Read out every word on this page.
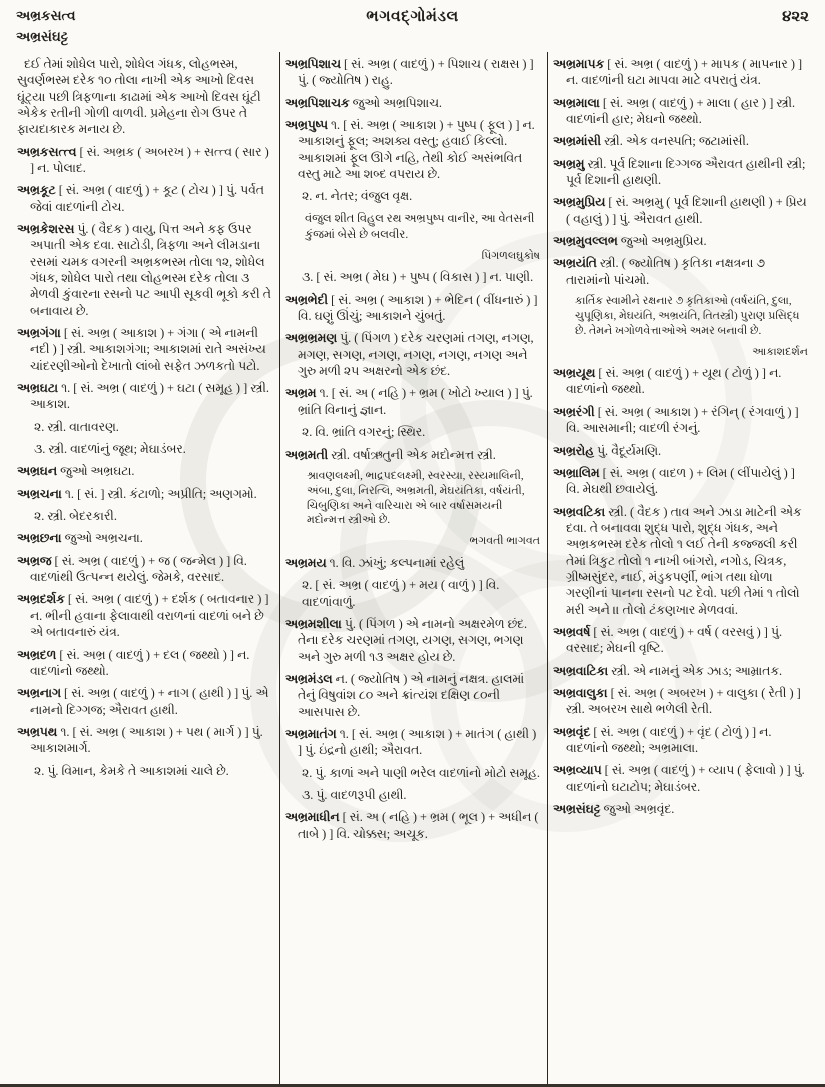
અભ્રકસત્વ
અભ્રસંઘટ્ટ
ભગવદ્ગોમંડલ	૪૨૨

દઈ તેમાં શોધેલ પારો, શોધેલ ગંધક, લોહભસ્મ, સુવર્ણભસ્મ દરેક ૧૦ તોલા નાખી એક આખો દિવસ ઘૂંટ્યા પછી ત્રિફળાના કાઢામાં એક આખો દિવસ ઘૂંટી એકેક રતીની ગોળી વાળવી. પ્રમેહના રોગ ઉપર તે ફાયદાકારક મનાય છે.

અભ્રકસત્ત્વ [ સં. અભ્રક ( અબરખ ) + સત્ત્વ ( સાર ) ] ન. પોલાદ.

અભ્રકૂટ [ સં. અભ્ર ( વાદળું ) + કૂટ ( ટોચ ) ] પું. પર્વત જેવાં વાદળાંની ટોચ.

અભ્રકેશરસ પું. ( વૈદક ) વાયુ, પિત્ત અને કફ ઉપર અપાતી એક દવા. સાટોડી, ત્રિફળા અને લીમડાના રસમાં ચમક વગરની અભ્રકભસ્મ તોલા ૧૨, શોધેલ ગંધક, શોધેલ પારો તથા લોહભસ્મ દરેક તોલા ૩ મેળવી કુંવારના રસનો પટ આપી સૂકવી ભૂકો કરી તે બનાવાય છે.

અભ્રગંગા [ સં. અભ્ર ( આકાશ ) + ગંગા ( એ નામની નદી ) ] સ્ત્રી. આકાશગંગા; આકાશમાં રાતે અસંખ્ય ચાંદરણીઓનો દેખાતો લાંબો સફેત ઝળકતો પટો.

અભ્રઘટા ૧. [ સં. અભ્ર ( વાદળું ) + ઘટા ( સમૂહ ) ] સ્ત્રી. આકાશ.

૨. સ્ત્રી. વાતાવરણ.

૩. સ્ત્રી. વાદળાંનું જૂથ; મેઘાડંબર.

અભ્રઘન જુઓ અભ્રઘટા.

અભ્રચના ૧. [ સં. ] સ્ત્રી. કંટાળો; અપ્રીતિ; અણગમો.

૨. સ્ત્રી. બેદરકારી.

અભ્રછના જુઓ અભ્રચના.

અભ્રજ [ સં. અભ્ર ( વાદળું ) + જ ( જન્મેલ ) ] વિ. વાદળાંથી ઉત્પન્ન થયેલું. જેમકે, વરસાદ.

અભ્રદર્શક [ સં. અભ્ર ( વાદળું ) + દર્શક ( બતાવનાર ) ] ન. ભીની હવાના ફેલાવાથી વરાળનાં વાદળાં બને છે એ બતાવનારું યંત્ર.

અભ્રદળ [ સં. અભ્ર ( વાદળું ) + દલ ( જથ્થો ) ] ન. વાદળાંનો જથ્થો.

અભ્રનાગ [ સં. અભ્ર ( વાદળું ) + નાગ ( હાથી ) ] પું. એ નામનો દિગ્ગજ; ઐરાવત હાથી.

અભ્રપથ ૧. [ સં. અભ્ર ( આકાશ ) + પથ ( માર્ગ ) ] પું. આકાશમાર્ગ.

૨. પું. વિમાન, કેમકે તે આકાશમાં ચાલે છે.

અભ્રપિશાચ [ સં. અભ્ર ( વાદળું ) + પિશાચ ( રાક્ષસ ) ] પું. ( જ્યોતિષ ) રાહુ.

અભ્રપિશાચક જુઓ અભ્રપિશાચ.

અભ્રપુષ્પ ૧. [ સં. અભ્ર ( આકાશ ) + પુષ્પ ( ફૂલ ) ] ન. આકાશનું ફૂલ; અશક્ય વસ્તુ; હવાઈ કિલ્લો. આકાશમાં ફૂલ ઊગે નહિ, તેથી કોઈ અસંભવિત વસ્તુ માટે આ શબ્દ વપરાય છે.

૨. ન. નેતર; વંજુલ વૃક્ષ.

વંજુલ શીત વિહુલ રથ અભ્રપુષ્પ વાનીર, આ વેતસની કુંજમાં બેસે છે બલવીર.

પિંગળલઘુકોષ

૩. [ સં. અભ્ર ( મેઘ ) + પુષ્પ ( વિકાસ ) ] ન. પાણી.

અભ્રભેદી [ સં. અભ્ર ( આકાશ ) + ભેદિન ( વીંધનારું ) ] વિ. ઘણું ઊંચું; આકાશને ચુંબતું.

અભ્રભ્રમણ પું. ( પિંગળ ) દરેક ચરણમાં તગણ, નગણ, મગણ, સગણ, નગણ, નગણ, નગણ, નગણ અને ગુરુ મળી ૨૫ અક્ષરનો એક છંદ.

અભ્રમ ૧. [ સં. અ ( નહિ ) + ભ્રમ ( ખોટો ખ્યાલ ) ] પું. ભ્રાંતિ વિનાનું જ્ઞાન.

૨. વિ. ભ્રાંતિ વગરનું; સ્થિર.

અભ્રમતી સ્ત્રી. વર્ષાઋતુની એક મદોન્મત્ત સ્ત્રી.

શ્રાવણલક્ષ્મી, ભાદ્રપદલક્ષ્મી, સ્વરસ્યા, રસ્યમાલિની, અંબા, દુલા, નિરત્લિ, અભ્રમતી, મેઘયંતિકા, વર્ષયંતી, ચિબુણિકા અને વારિચારા એ બાર વર્ષાસમયની મદોન્મત્ત સ્ત્રીઓ છે.

ભગવતી ભાગવત

અભ્રમય ૧. વિ. ઝાંખું; કલ્પનામાં રહેલું

૨. [ સં. અભ્ર ( વાદળું ) + મય ( વાળું ) ] વિ. વાદળાંવાળું.

અભ્રમશીલા પું. ( પિંગળ ) એ નામનો અક્ષરમેળ છંદ. તેના દરેક ચરણમાં તગણ, યગણ, સગણ, ભગણ અને ગુરુ મળી ૧૩ અક્ષર હોય છે.

અભ્રમંડલ ન. ( જ્યોતિષ ) એ નામનું નક્ષત્ર. હાલમાં તેનું વિષુવાંશ ૮૦ અને ક્રાંત્યંશ દક્ષિણ ૮૦ની આસપાસ છે.

અભ્રમાતંગ ૧. [ સં. અભ્ર ( આકાશ ) + માતંગ ( હાથી ) ] પું. ઇંદ્રનો હાથી; ઐરાવત.

૨. પું. કાળાં અને પાણી ભરેલ વાદળાંનો મોટો સમૂહ.

૩. પું. વાદળરૂપી હાથી.

અભ્રમાધીન [ સં. અ ( નહિ ) + ભ્રમ ( ભૂલ ) + અધીન ( તાબે ) ] વિ. ચોક્કસ; અચૂક.

અભ્રમાપક [ સં. અભ્ર ( વાદળું ) + માપક ( માપનાર ) ] ન. વાદળાંની ઘટા માપવા માટે વપરાતું યંત્ર.

અભ્રમાલા [ સં. અભ્ર ( વાદળું ) + માલા ( હાર ) ] સ્ત્રી. વાદળાંની હાર; મેઘનો જથ્થો.

અભ્રમાંસી સ્ત્રી. એક વનસ્પતિ; જટામાંસી.

અભ્રમુ સ્ત્રી. પૂર્વ દિશાના દિગ્ગજ ઐરાવત હાથીની સ્ત્રી; પૂર્વ દિશાની હાથણી.

અભ્રમુપ્રિય [ સં. અભ્રમુ ( પૂર્વ દિશાની હાથણી ) + પ્રિય ( વહાલું ) ] પું. ઐરાવત હાથી.

અભ્રમુવલ્લભ જુઓ અભ્રમુપ્રિય.

અભ્રયંતિ સ્ત્રી. ( જ્યોતિષ ) કૃતિકા નક્ષત્રના ૭ તારામાંનો પાંચમો.

કાર્તિક સ્વામીને રક્ષનાર ૭ કૃતિકાઓ (વર્ષયંતિ, દુલા, ચુપૂણિકા, મેઘયંતિ, અભ્રયંતિ, તિતસ્ત્રી) પુરાણ પ્રસિદ્ધ છે. તેમને ખગોળવેત્તાઓએ અમર બનાવી છે.

આકાશદર્શન

અભ્રયૂથ [ સં. અભ્ર ( વાદળું ) + યૂથ ( ટોળું ) ] ન. વાદળાંનો જથ્થો.

અભ્રરંગી [ સં. અભ્ર ( આકાશ ) + રંગિન્ ( રંગવાળું ) ] વિ. આસમાની; વાદળી રંગનું.

અભ્રરોહ પું. વૈદૂર્યમણિ.

અભ્રાલિમ [ સં. અભ્ર ( વાદળ ) + લિમ ( લીંપાયેલું ) ] વિ. મેઘથી છવાયેલું.

અભ્રવટિકા સ્ત્રી. ( વૈદક ) તાવ અને ઝાડા માટેની એક દવા. તે બનાવવા શુદ્ધ પારો, શુદ્ધ ગંધક, અને અભ્રકભસ્મ દરેક તોલો ૧ લઈ તેની કજ્જલી કરી તેમાં ત્રિકુટ તોલો ૧ નાખી બાંગરો, નગોડ, ચિત્રક, ગ્રીષ્મસુંદર, નાઈ, મંડુકપર્ણી, ભાંગ તથા ધોળા ગરણીનાં પાનના રસનો પટ દેવો. પછી તેમાં ૧ તોલો મરી અને ।। તોલો ટંકણખાર મેળવવાં.

અભ્રવર્ષ [ સં. અભ્ર ( વાદળું ) + વર્ષ ( વરસવું ) ] પું. વરસાદ; મેઘની વૃષ્ટિ.

અભ્રવાટિકા સ્ત્રી. એ નામનું એક ઝાડ; આમ્રાતક.

અભ્રવાલુકા [ સં. અભ્ર ( અબરખ ) + વાલુકા ( રેતી ) ] સ્ત્રી. અબરખ સાથે ભળેલી રેતી.

અભ્રવૃંદ [ સં. અભ્ર ( વાદળું ) + વૃંદ ( ટોળું ) ] ન. વાદળાંનો જથ્થો; અભ્રમાલા.

અભ્રવ્યાપ [ સં. અભ્ર ( વાદળું ) + વ્યાપ ( ફેલાવો ) ] પું. વાદળાંનો ઘટાટોપ; મેઘાડંબર.

અભ્રસંઘટ્ટ જુઓ અભ્રવૃંદ.
